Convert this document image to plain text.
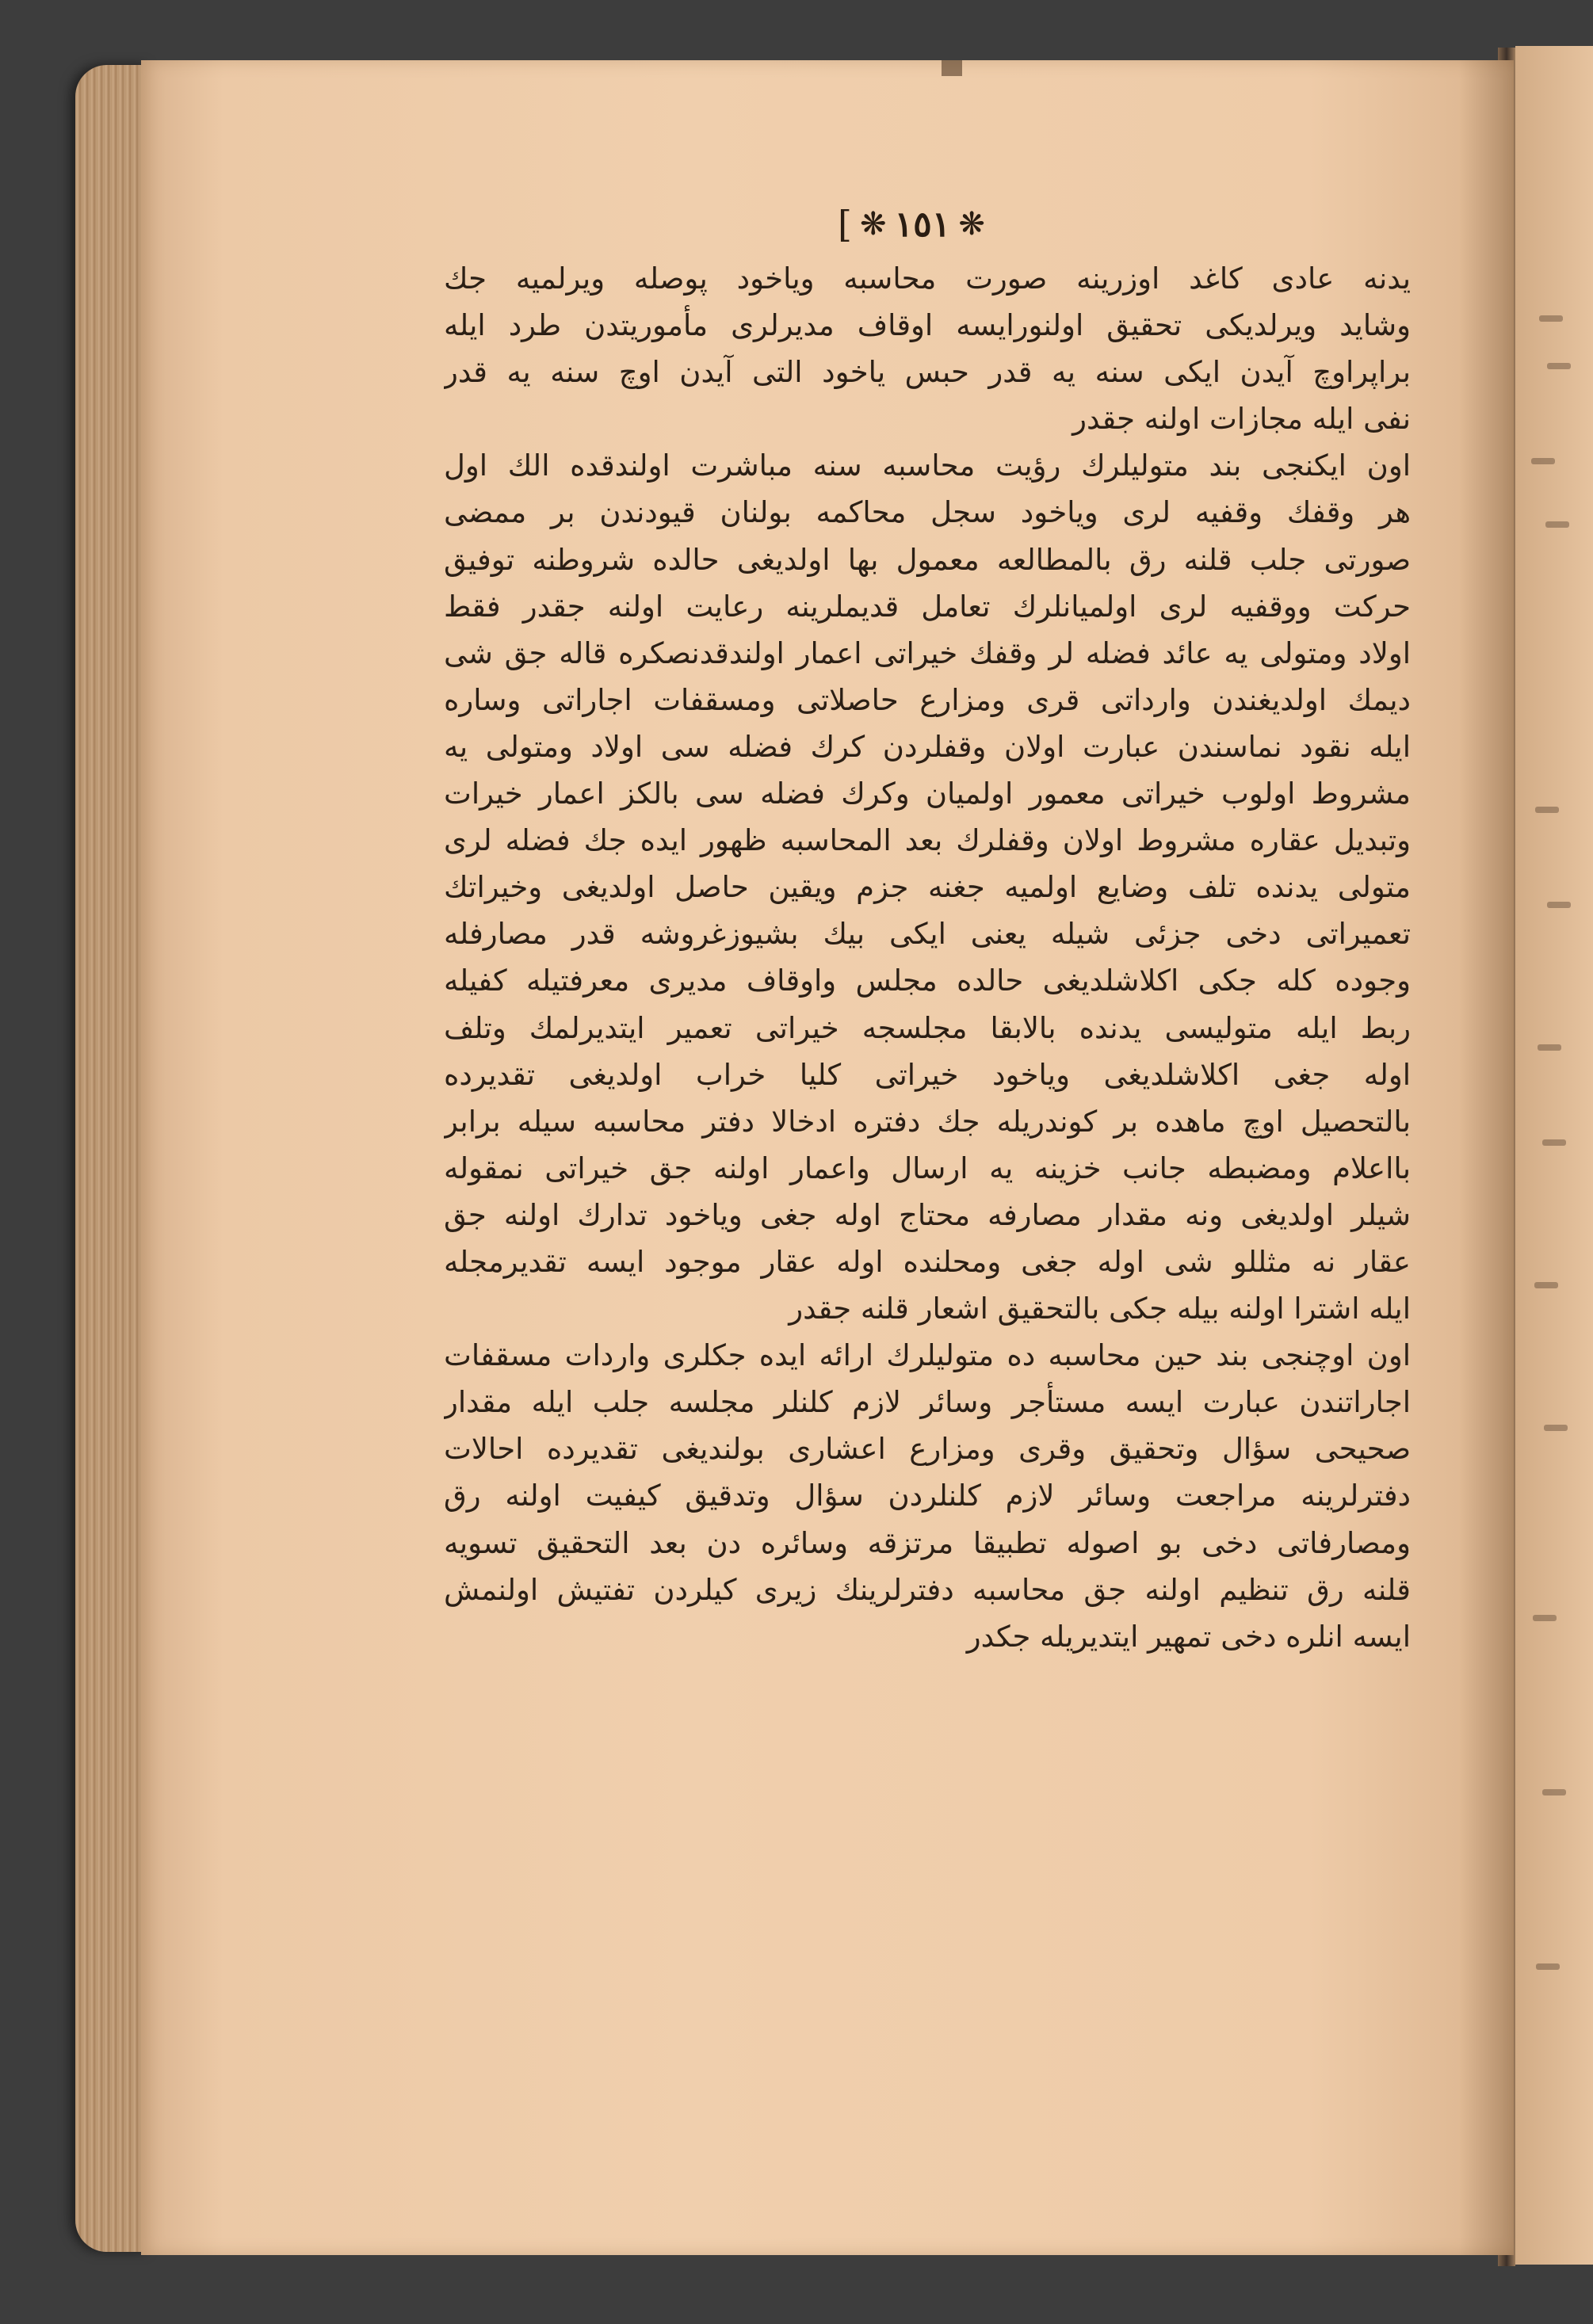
[ ❋ ١٥١ ❋
يدنه عادى كاغد اوزرينه صورت محاسبه وياخود پوصله ويرلميه جك
وشايد ويرلديكى تحقيق اولنورايسه اوقاف مديرلرى مأموريتدن طرد ايله
براپراوچ آيدن ايكى سنه يه قدر حبس ياخود التى آيدن اوچ سنه يه قدر
نفى ايله مجازات اولنه جقدر
اون ايكنجى بند متوليلرك رؤيت محاسبه سنه مباشرت اولندقده الك اول
هر وقفك وقفيه لرى وياخود سجل محاكمه بولنان قيودندن بر ممضى
صورتى جلب قلنه رق بالمطالعه معمول بها اولديغى حالده شروطنه توفيق
حركت ووقفيه لرى اولميانلرك تعامل قديملرينه رعايت اولنه جقدر فقط
اولاد ومتولى يه عائد فضله لر وقفك خيراتى اعمار اولندقدنصكره قاله جق شى
ديمك اولديغندن وارداتى قرى ومزارع حاصلاتى ومسقفات اجاراتى وساره
ايله نقود نماسندن عبارت اولان وقفلردن كرك فضله سى اولاد ومتولى يه
مشروط اولوب خيراتى معمور اولميان وكرك فضله سى بالكز اعمار خيرات
وتبديل عقاره مشروط اولان وقفلرك بعد المحاسبه ظهور ايده جك فضله لرى
متولى يدنده تلف وضايع اولميه جغنه جزم ويقين حاصل اولديغى وخيراتك
تعميراتى دخى جزئى شيله يعنى ايكى بيك بشيوزغروشه قدر مصارفله
وجوده كله جكى اكلاشلديغى حالده مجلس واوقاف مديرى معرفتيله كفيله
ربط ايله متوليسى يدنده بالابقا مجلسجه خيراتى تعمير ايتديرلمك وتلف
اوله جغى اكلاشلديغى وياخود خيراتى كليا خراب اولديغى تقديرده
بالتحصيل اوچ ماهده بر كوندريله جك دفتره ادخالا دفتر محاسبه سيله برابر
بااعلام ومضبطه جانب خزينه يه ارسال واعمار اولنه جق خيراتى نمقوله
شيلر اولديغى ونه مقدار مصارفه محتاج اوله جغى وياخود تدارك اولنه جق
عقار نه مثللو شى اوله جغى ومحلنده اوله عقار موجود ايسه تقديرمجله
ايله اشترا اولنه بيله جكى بالتحقيق اشعار قلنه جقدر
اون اوچنجى بند حين محاسبه ده متوليلرك ارائه ايده جكلرى واردات مسقفات
اجاراتندن عبارت ايسه مستأجر وسائر لازم كلنلر مجلسه جلب ايله مقدار
صحيحى سؤال وتحقيق وقرى ومزارع اعشارى بولنديغى تقديرده احالات
دفترلرينه مراجعت وسائر لازم كلنلردن سؤال وتدقيق كيفيت اولنه رق
ومصارفاتى دخى بو اصوله تطبيقا مرتزقه وسائره دن بعد التحقيق تسويه
قلنه رق تنظيم اولنه جق محاسبه دفترلرينك زيرى كيلردن تفتيش اولنمش
ايسه انلره دخى تمهير ايتديريله جكدر
